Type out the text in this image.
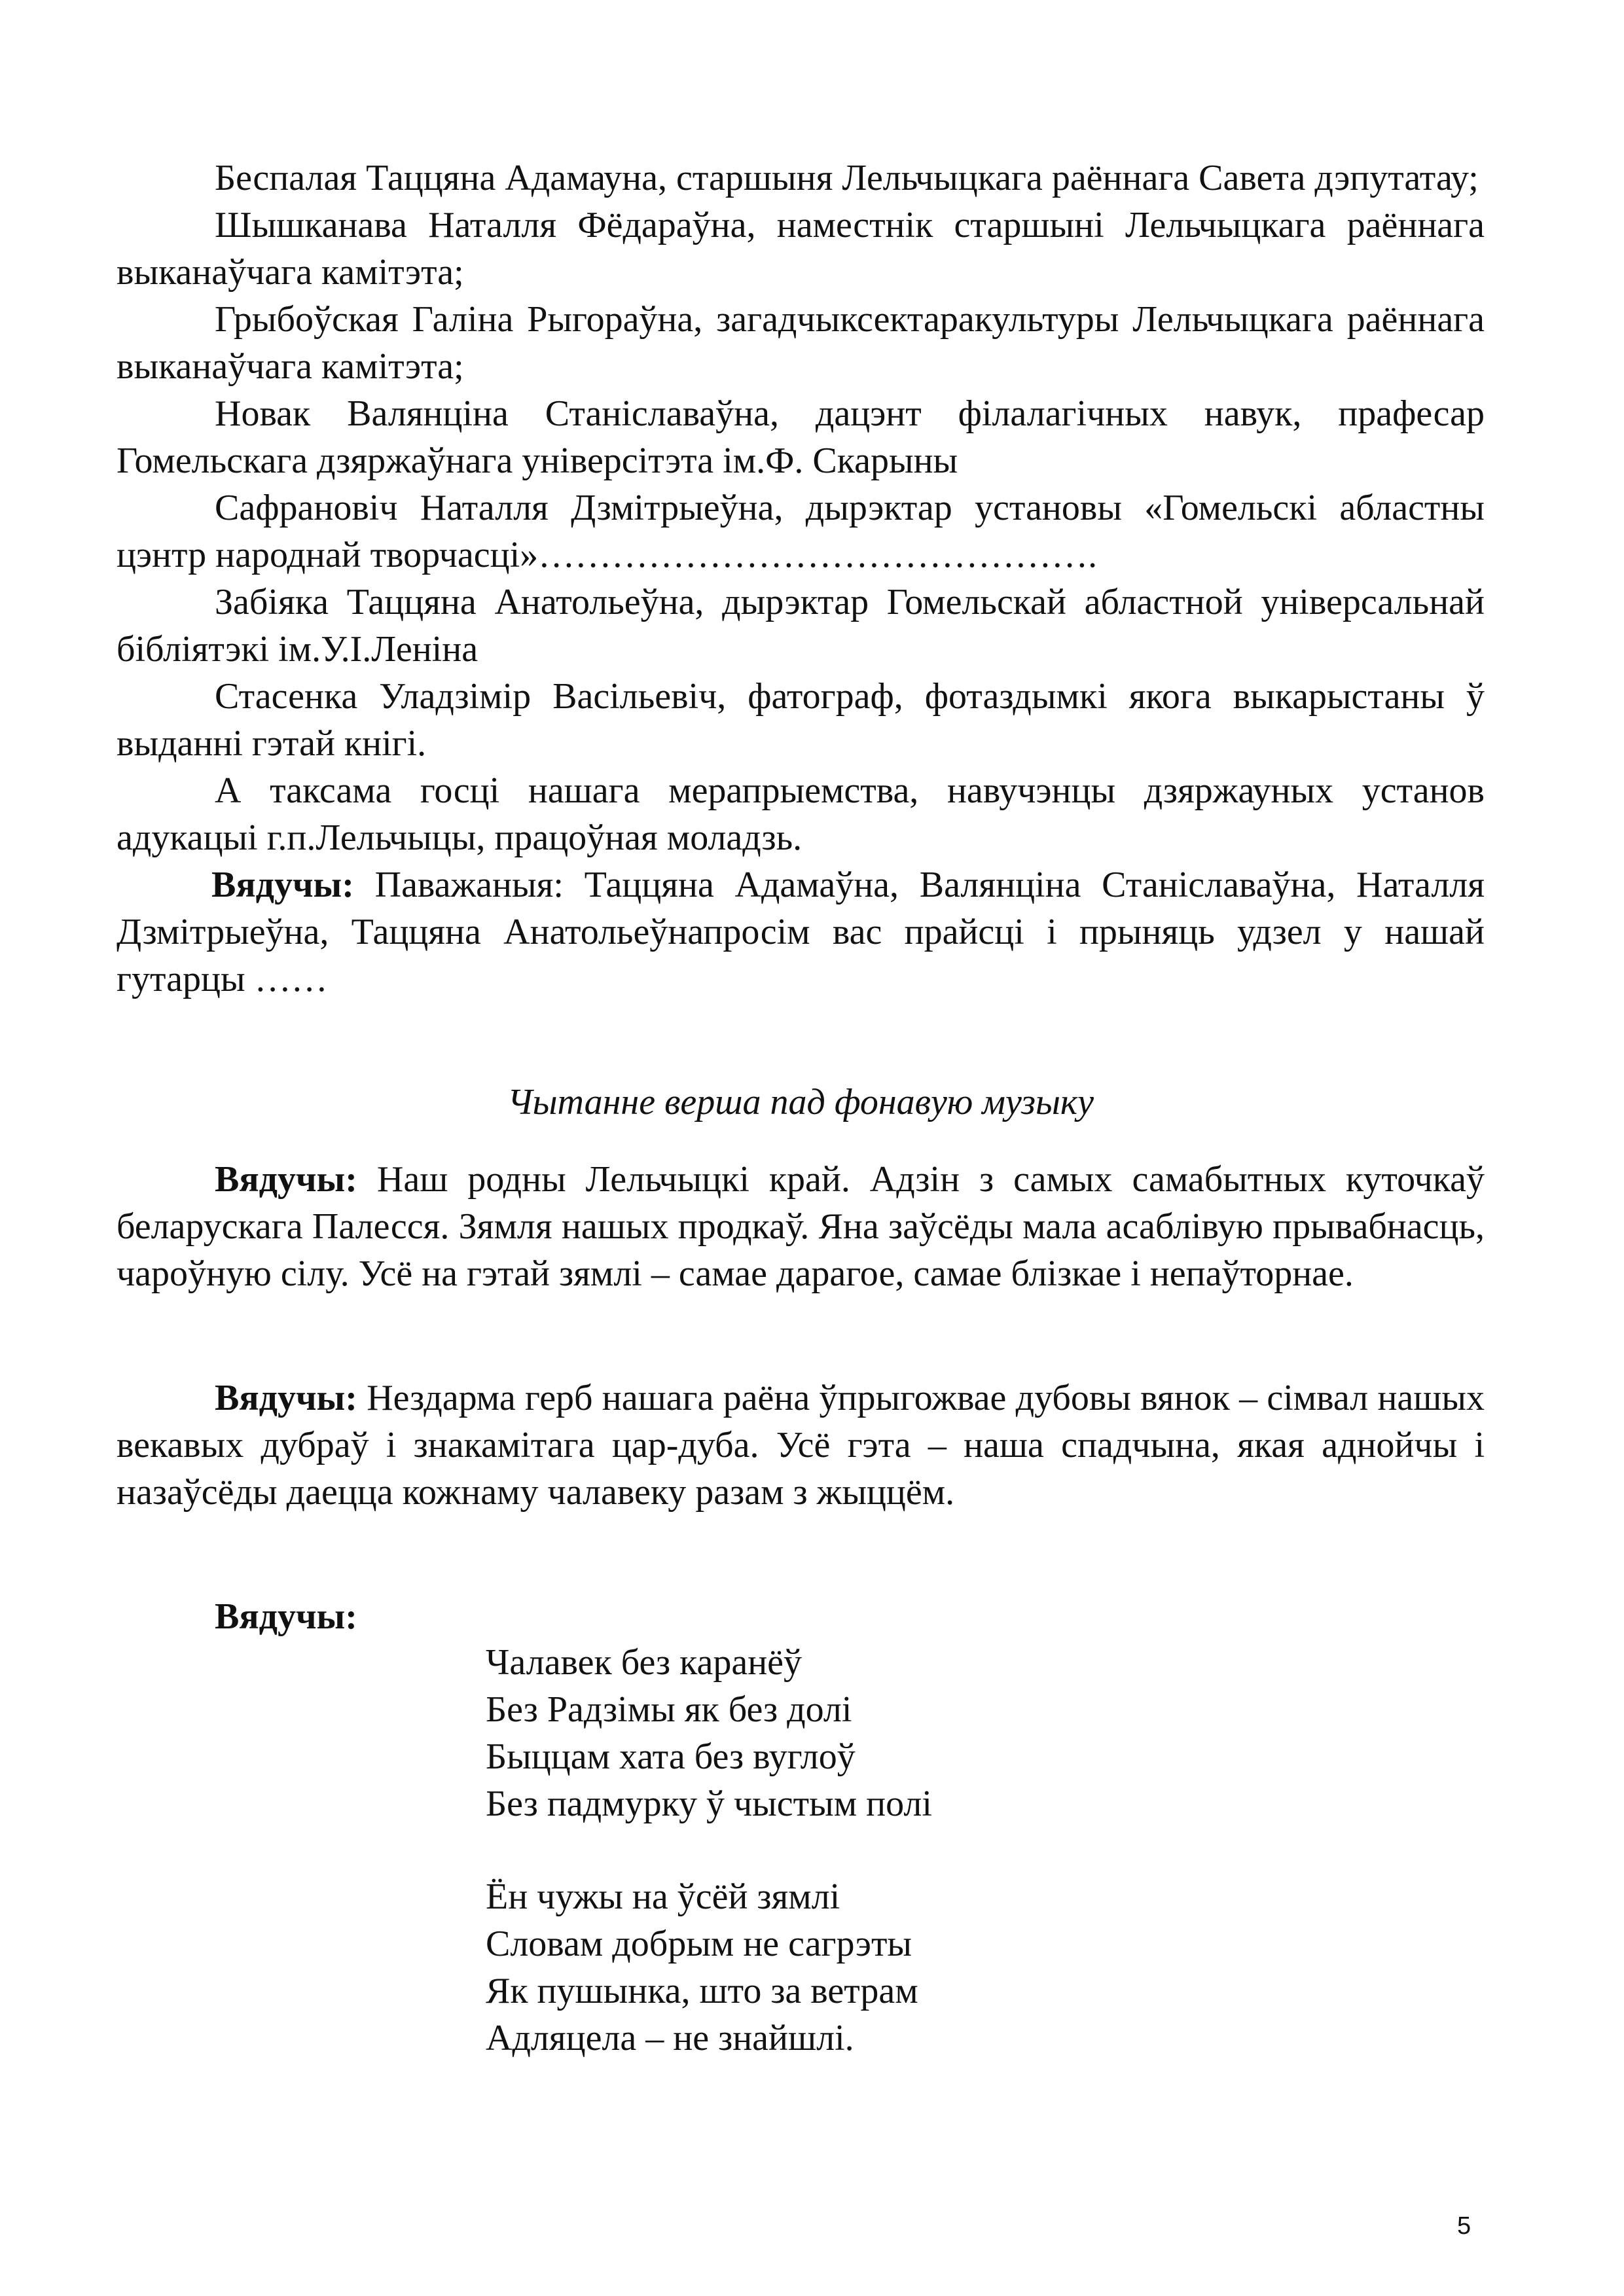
Беспалая Таццяна Адамауна, старшыня Лельчыцкага раённага Савета дэпутатау;

Шышканава Наталля Фёдараўна, наместнік старшыні Лельчыцкага раённага выканаўчага камітэта;

Грыбоўская Галіна Рыгораўна, загадчыксектаракультуры Лельчыцкага раённага выканаўчага камітэта;

Новак Валянціна Станіславаўна, дацэнт філалагічных навук, прафесар Гомельскага дзяржаўнага універсітэта ім.Ф. Скарыны

Сафрановіч Наталля Дзмітрыеўна, дырэктар установы «Гомельскі абластны цэнтр народнай творчасці»……………………………………….

Забіяка Таццяна Анатольеўна, дырэктар Гомельскай абластной універсальнай бібліятэкі ім.У.І.Леніна

Стасенка Уладзімір Васільевіч, фатограф, фотаздымкі якога выкарыстаны ў выданні гэтай кнігі.

А таксама госці нашага мерапрыемства, навучэнцы дзяржауных установ адукацыі г.п.Лельчыцы, працоўная моладзь.

Вядучы: Паважаныя: Таццяна Адамаўна, Валянціна Станіславаўна, Наталля Дзмітрыеўна, Таццяна Анатольеўнапросім вас прайсці і прыняць удзел у нашай гутарцы ……

Чытанне верша пад фонавую музыку

Вядучы: Наш родны Лельчыцкі край. Адзін з самых самабытных куточкаў беларускага Палесся. Зямля нашых продкаў. Яна заўсёды мала асаблівую прывабнасць, чароўную сілу. Усё на гэтай зямлі – самае дарагое, самае блізкае і непаўторнае.

Вядучы: Нездарма герб нашага раёна ўпрыгожвае дубовы вянок – сімвал нашых векавых дубраў і знакамітага цар-дуба. Усё гэта – наша спадчына, якая аднойчы і назаўсёды даецца кожнаму чалавеку разам з жыццём.

Вядучы:

Чалавек без каранёў
Без Радзімы як без долі
Быццам хата без вуглоў
Без падмурку ў чыстым полі
Ён чужы на ўсёй зямлі
Словам добрым не сагрэты
Як пушынка, што за ветрам
Адляцела – не знайшлі.
5
